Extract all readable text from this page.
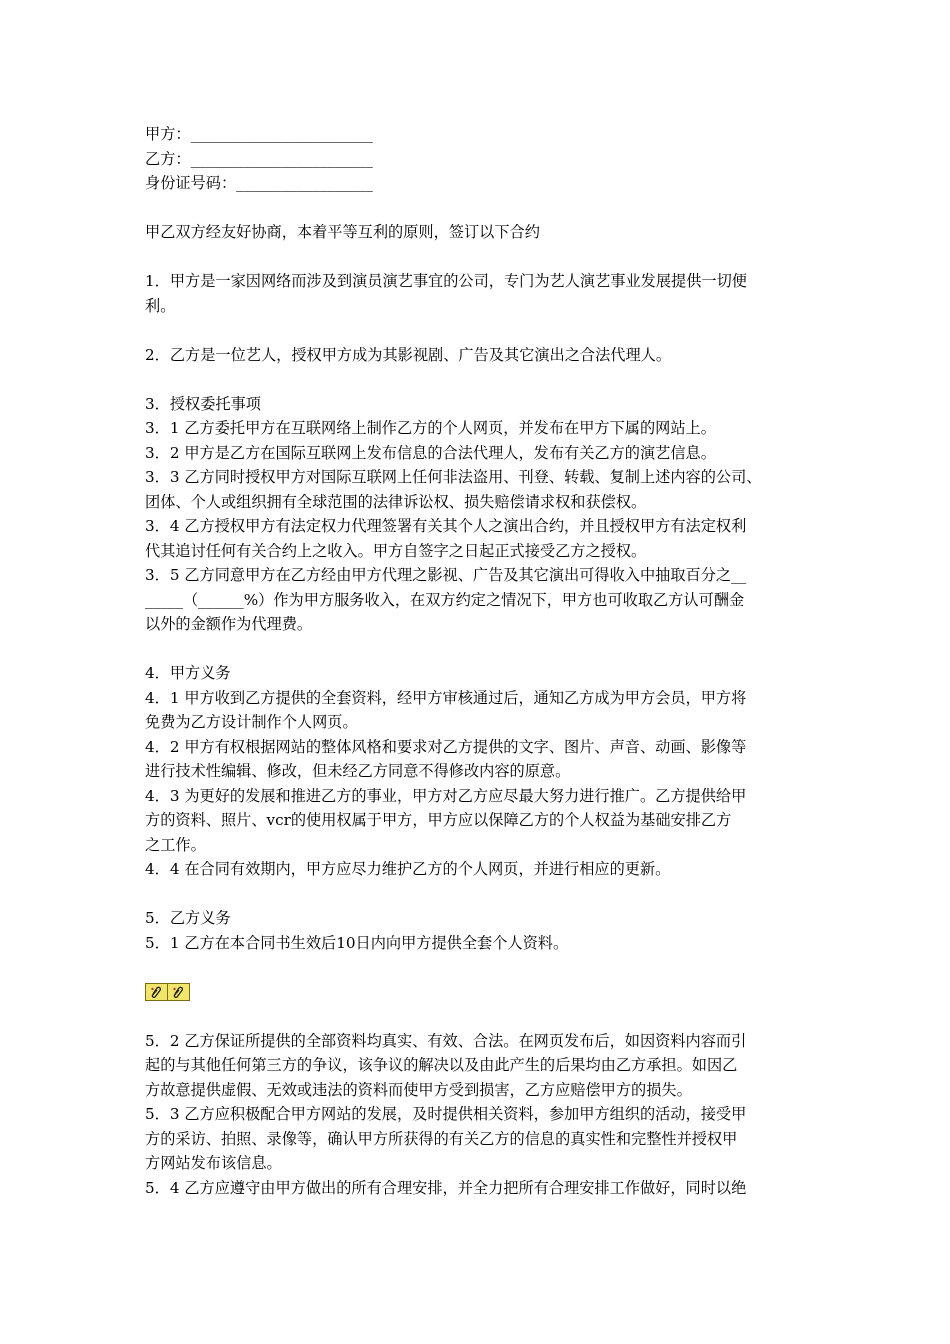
甲方：________________________
乙方：________________________
身份证号码：__________________
甲乙双方经友好协商，本着平等互利的原则，签订以下合约
1．甲方是一家因网络而涉及到演员演艺事宜的公司，专门为艺人演艺事业发展提供一切便
利。
2．乙方是一位艺人，授权甲方成为其影视剧、广告及其它演出之合法代理人。
3．授权委托事项
3．1 乙方委托甲方在互联网络上制作乙方的个人网页，并发布在甲方下属的网站上。
3．2 甲方是乙方在国际互联网上发布信息的合法代理人，发布有关乙方的演艺信息。
3．3 乙方同时授权甲方对国际互联网上任何非法盗用、刊登、转载、复制上述内容的公司、
团体、个人或组织拥有全球范围的法律诉讼权、损失赔偿请求权和获偿权。
3．4 乙方授权甲方有法定权力代理签署有关其个人之演出合约，并且授权甲方有法定权利
代其追讨任何有关合约上之收入。甲方自签字之日起正式接受乙方之授权。
3．5 乙方同意甲方在乙方经由甲方代理之影视、广告及其它演出可得收入中抽取百分之__
_____（______%）作为甲方服务收入，在双方约定之情况下，甲方也可收取乙方认可酬金
以外的金额作为代理费。
4．甲方义务
4．1 甲方收到乙方提供的全套资料，经甲方审核通过后，通知乙方成为甲方会员，甲方将
免费为乙方设计制作个人网页。
4．2 甲方有权根据网站的整体风格和要求对乙方提供的文字、图片、声音、动画、影像等
进行技术性编辑、修改，但未经乙方同意不得修改内容的原意。
4．3 为更好的发展和推进乙方的事业，甲方对乙方应尽最大努力进行推广。乙方提供给甲
方的资料、照片、vcr的使用权属于甲方，甲方应以保障乙方的个人权益为基础安排乙方
之工作。
4．4 在合同有效期内，甲方应尽力维护乙方的个人网页，并进行相应的更新。
5．乙方义务
5．1 乙方在本合同书生效后10日内向甲方提供全套个人资料。
5．2 乙方保证所提供的全部资料均真实、有效、合法。在网页发布后，如因资料内容而引
起的与其他任何第三方的争议，该争议的解决以及由此产生的后果均由乙方承担。如因乙
方故意提供虚假、无效或违法的资料而使甲方受到损害，乙方应赔偿甲方的损失。
5．3 乙方应积极配合甲方网站的发展，及时提供相关资料，参加甲方组织的活动，接受甲
方的采访、拍照、录像等，确认甲方所获得的有关乙方的信息的真实性和完整性并授权甲
方网站发布该信息。
5．4 乙方应遵守由甲方做出的所有合理安排，并全力把所有合理安排工作做好，同时以绝
